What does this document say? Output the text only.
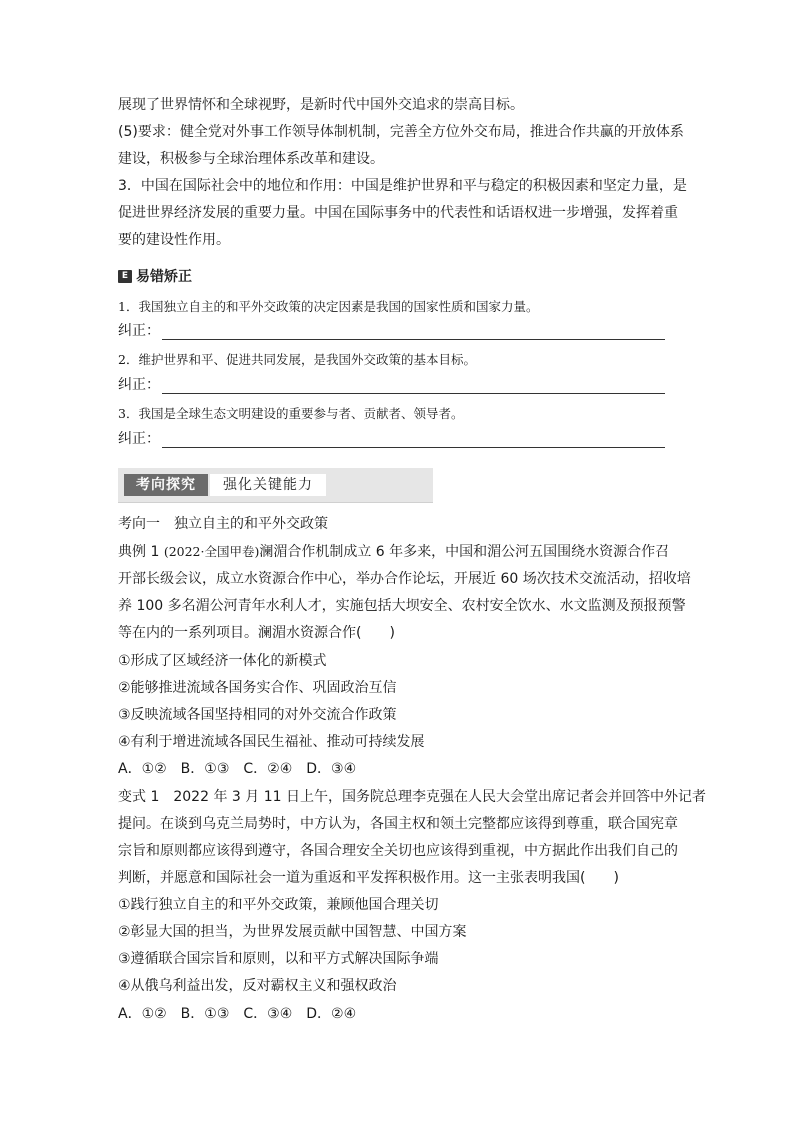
展现了世界情怀和全球视野，是新时代中国外交追求的崇高目标。
(5)要求：健全党对外事工作领导体制机制，完善全方位外交布局，推进合作共赢的开放体系
建设，积极参与全球治理体系改革和建设。
3．中国在国际社会中的地位和作用：中国是维护世界和平与稳定的积极因素和坚定力量，是
促进世界经济发展的重要力量。中国在国际事务中的代表性和话语权进一步增强，发挥着重
要的建设性作用。
E 易错矫正
1．我国独立自主的和平外交政策的决定因素是我国的国家性质和国家力量。
纠正：
2．维护世界和平、促进共同发展，是我国外交政策的基本目标。
纠正：
3．我国是全球生态文明建设的重要参与者、贡献者、领导者。
纠正：
考向探究	强化关键能力
考向一　独立自主的和平外交政策
典例 1 (2022·全国甲卷)澜湄合作机制成立 6 年多来，中国和湄公河五国围绕水资源合作召
开部长级会议，成立水资源合作中心，举办合作论坛，开展近 60 场次技术交流活动，招收培
养 100 多名湄公河青年水利人才，实施包括大坝安全、农村安全饮水、水文监测及预报预警
等在内的一系列项目。澜湄水资源合作(　　)
①形成了区域经济一体化的新模式
②能够推进流域各国务实合作、巩固政治互信
③反映流域各国坚持相同的对外交流合作政策
④有利于增进流域各国民生福祉、推动可持续发展
A．①②　B．①③　C．②④　D．③④
变式 1　2022 年 3 月 11 日上午，国务院总理李克强在人民大会堂出席记者会并回答中外记者
提问。在谈到乌克兰局势时，中方认为，各国主权和领土完整都应该得到尊重，联合国宪章
宗旨和原则都应该得到遵守，各国合理安全关切也应该得到重视，中方据此作出我们自己的
判断，并愿意和国际社会一道为重返和平发挥积极作用。这一主张表明我国(　　)
①践行独立自主的和平外交政策，兼顾他国合理关切
②彰显大国的担当，为世界发展贡献中国智慧、中国方案
③遵循联合国宗旨和原则，以和平方式解决国际争端
④从俄乌利益出发，反对霸权主义和强权政治
A．①②　B．①③　C．③④　D．②④
